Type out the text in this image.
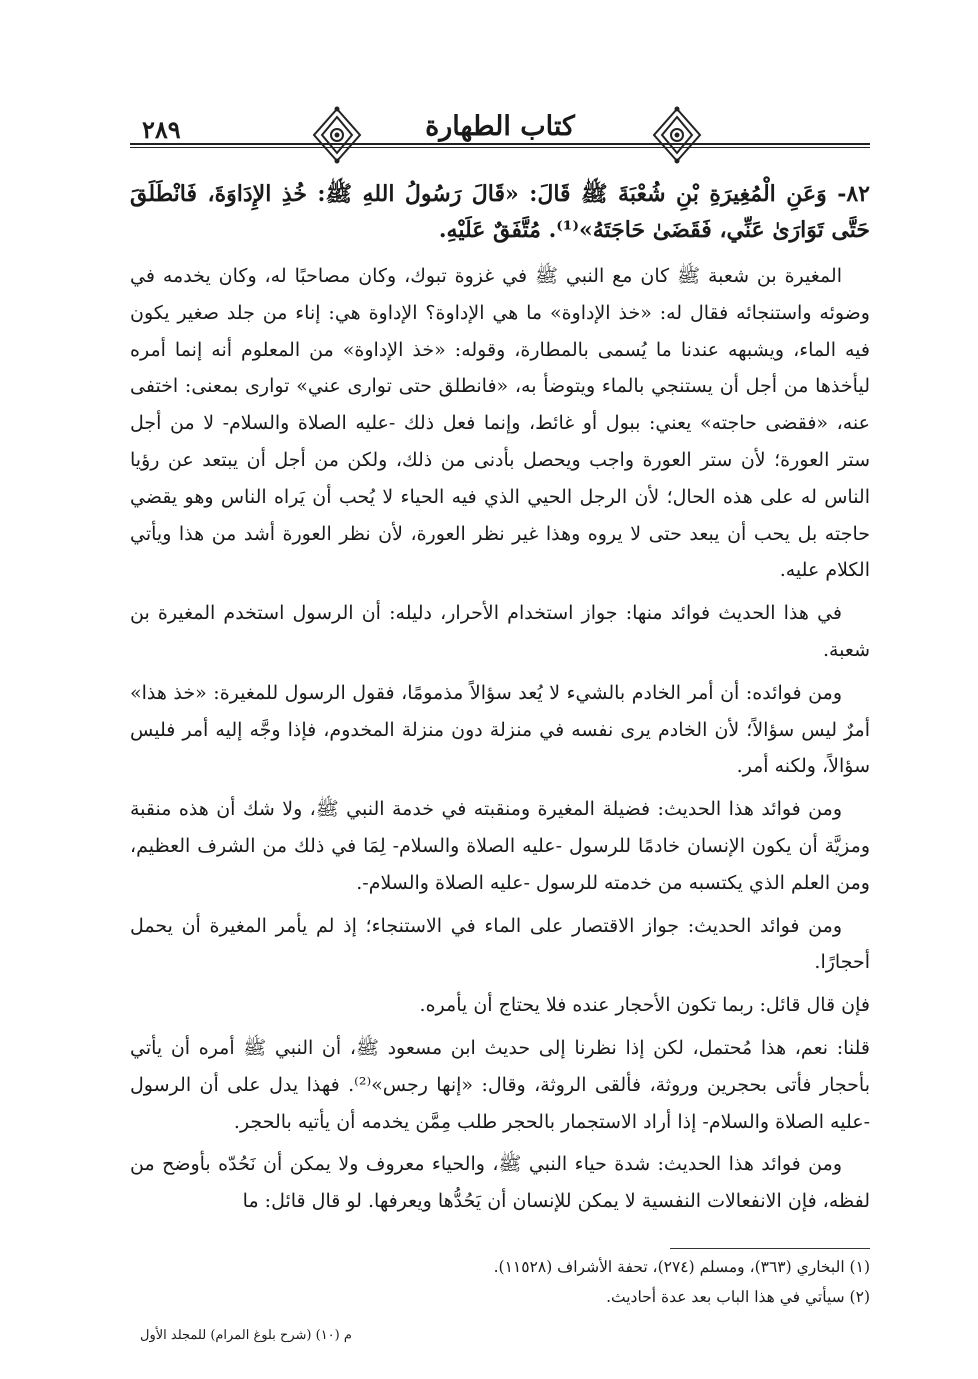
٢٨٩	كتاب الطهارة

٨٢- وَعَنِ الْمُغِيرَةِ بْنِ شُعْبَةَ ﷺ قَالَ: «قَالَ رَسُولُ اللهِ ﷺ: خُذِ الإِدَاوَةَ، فَانْطَلَقَ حَتَّى تَوَارَىٰ عَنِّي، فَقَضَىٰ حَاجَتَهُ»⁽¹⁾. مُتَّفَقٌ عَلَيْهِ.

المغيرة بن شعبة ﷺ كان مع النبي ﷺ في غزوة تبوك، وكان مصاحبًا له، وكان يخدمه في وضوئه واستنجائه فقال له: «خذ الإداوة» ما هي الإداوة؟ الإداوة هي: إناء من جلد صغير يكون فيه الماء، ويشبهه عندنا ما يُسمى بالمطارة، وقوله: «خذ الإداوة» من المعلوم أنه إنما أمره ليأخذها من أجل أن يستنجي بالماء ويتوضأ به، «فانطلق حتى توارى عني» توارى بمعنى: اختفى عنه، «فقضى حاجته» يعني: ببول أو غائط، وإنما فعل ذلك -عليه الصلاة والسلام- لا من أجل ستر العورة؛ لأن ستر العورة واجب ويحصل بأدنى من ذلك، ولكن من أجل أن يبتعد عن رؤيا الناس له على هذه الحال؛ لأن الرجل الحيي الذي فيه الحياء لا يُحب أن يَراه الناس وهو يقضي حاجته بل يحب أن يبعد حتى لا يروه وهذا غير نظر العورة، لأن نظر العورة أشد من هذا ويأتي الكلام عليه.

في هذا الحديث فوائد منها: جواز استخدام الأحرار، دليله: أن الرسول استخدم المغيرة بن شعبة.

ومن فوائده: أن أمر الخادم بالشيء لا يُعد سؤالاً مذمومًا، فقول الرسول للمغيرة: «خذ هذا» أمرٌ ليس سؤالاً؛ لأن الخادم يرى نفسه في منزلة دون منزلة المخدوم، فإذا وجَّه إليه أمر فليس سؤالاً، ولكنه أمر.

ومن فوائد هذا الحديث: فضيلة المغيرة ومنقبته في خدمة النبي ﷺ، ولا شك أن هذه منقبة ومزيَّة أن يكون الإنسان خادمًا للرسول -عليه الصلاة والسلام- لِمَا في ذلك من الشرف العظيم، ومن العلم الذي يكتسبه من خدمته للرسول -عليه الصلاة والسلام-.

ومن فوائد الحديث: جواز الاقتصار على الماء في الاستنجاء؛ إذ لم يأمر المغيرة أن يحمل أحجارًا.

فإن قال قائل: ربما تكون الأحجار عنده فلا يحتاج أن يأمره.

قلنا: نعم، هذا مُحتمل، لكن إذا نظرنا إلى حديث ابن مسعود ﷺ، أن النبي ﷺ أمره أن يأتي بأحجار فأتى بحجرين وروثة، فألقى الروثة، وقال: «إنها رجس»⁽²⁾. فهذا يدل على أن الرسول -عليه الصلاة والسلام- إذا أراد الاستجمار بالحجر طلب مِمَّن يخدمه أن يأتيه بالحجر.

ومن فوائد هذا الحديث: شدة حياء النبي ﷺ، والحياء معروف ولا يمكن أن نَحُدّه بأوضح من لفظه، فإن الانفعالات النفسية لا يمكن للإنسان أن يَحُدُّها ويعرفها. لو قال قائل: ما

(١) البخاري (٣٦٣)، ومسلم (٢٧٤)، تحفة الأشراف (١١٥٢٨).

(٢) سيأتي في هذا الباب بعد عدة أحاديث.

م (١٠) (شرح بلوغ المرام) للمجلد الأول
